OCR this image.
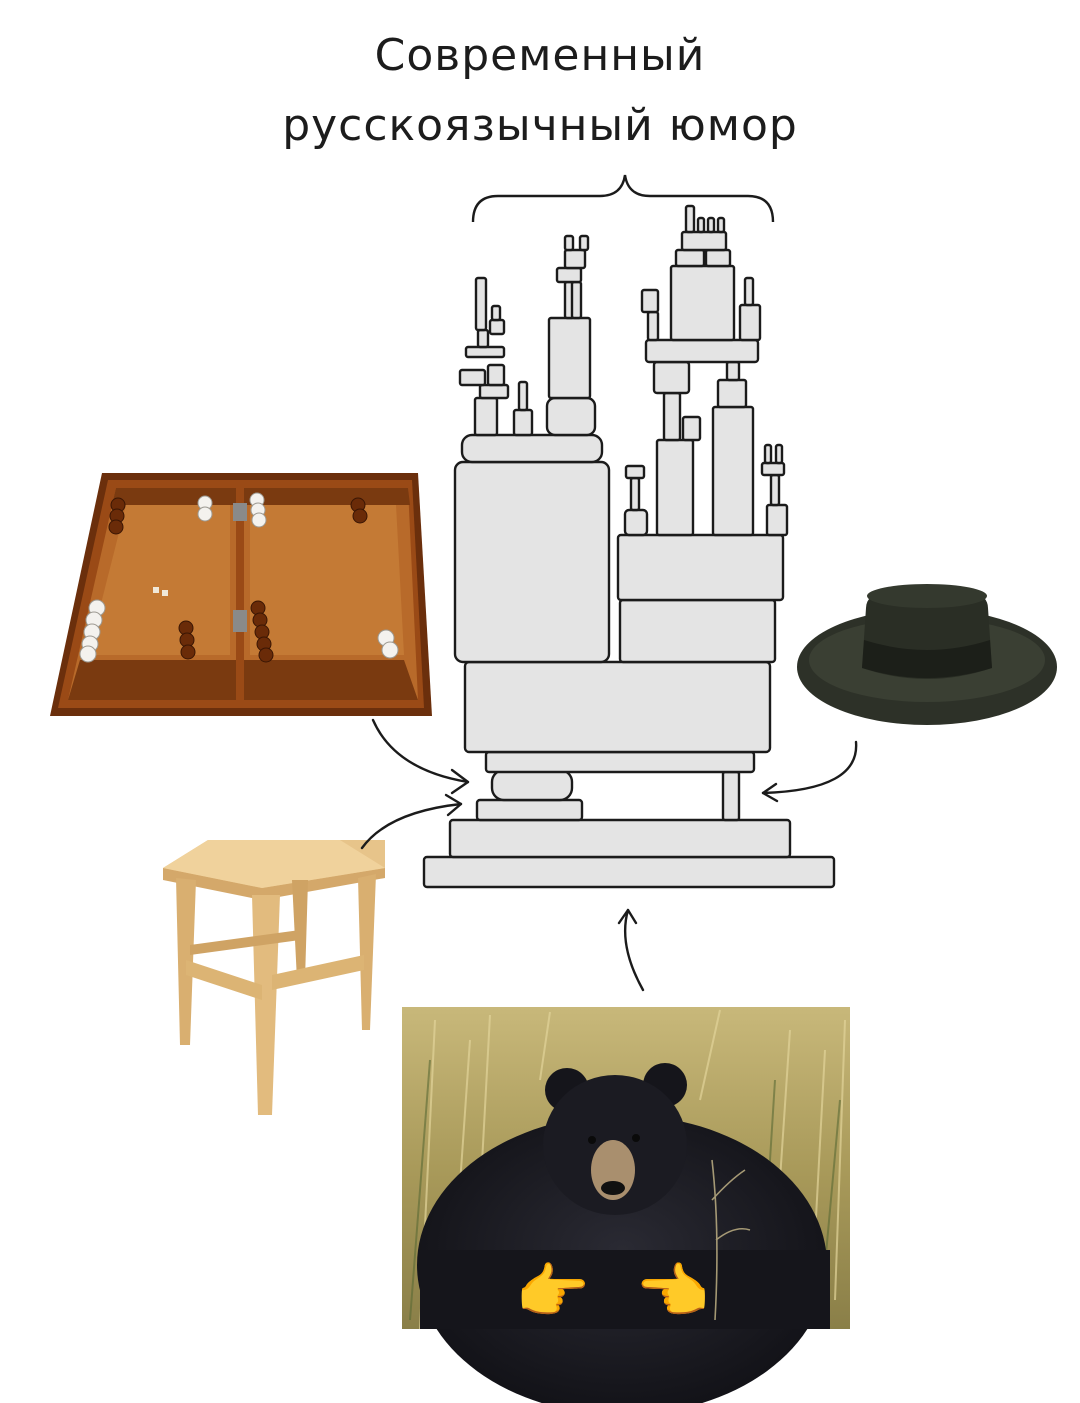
Современный
русскоязычный юмор
👉 👈
